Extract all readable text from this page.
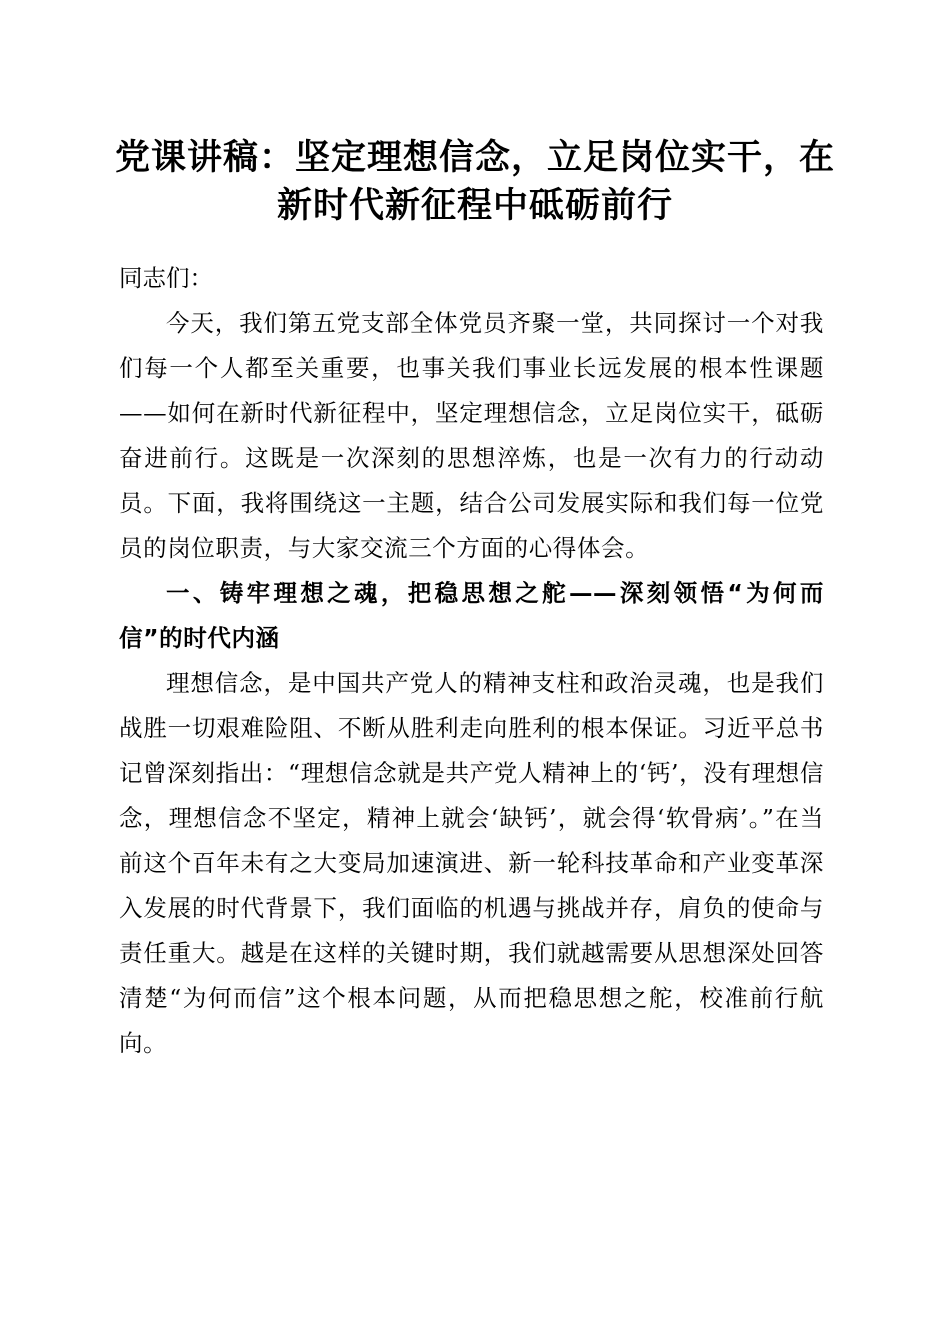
党课讲稿：坚定理想信念，立足岗位实干，在
新时代新征程中砥砺前行

同志们：

今天，我们第五党支部全体党员齐聚一堂，共同探讨一个对我们每一个人都至关重要，也事关我们事业长远发展的根本性课题——如何在新时代新征程中，坚定理想信念，立足岗位实干，砥砺奋进前行。这既是一次深刻的思想淬炼，也是一次有力的行动动员。下面，我将围绕这一主题，结合公司发展实际和我们每一位党员的岗位职责，与大家交流三个方面的心得体会。

一、铸牢理想之魂，把稳思想之舵——深刻领悟“为何而信”的时代内涵

理想信念，是中国共产党人的精神支柱和政治灵魂，也是我们战胜一切艰难险阻、不断从胜利走向胜利的根本保证。习近平总书记曾深刻指出：“理想信念就是共产党人精神上的‘钙’，没有理想信念，理想信念不坚定，精神上就会‘缺钙’，就会得‘软骨病’。”在当前这个百年未有之大变局加速演进、新一轮科技革命和产业变革深入发展的时代背景下，我们面临的机遇与挑战并存，肩负的使命与责任重大。越是在这样的关键时期，我们就越需要从思想深处回答清楚“为何而信”这个根本问题，从而把稳思想之舵，校准前行航向。
